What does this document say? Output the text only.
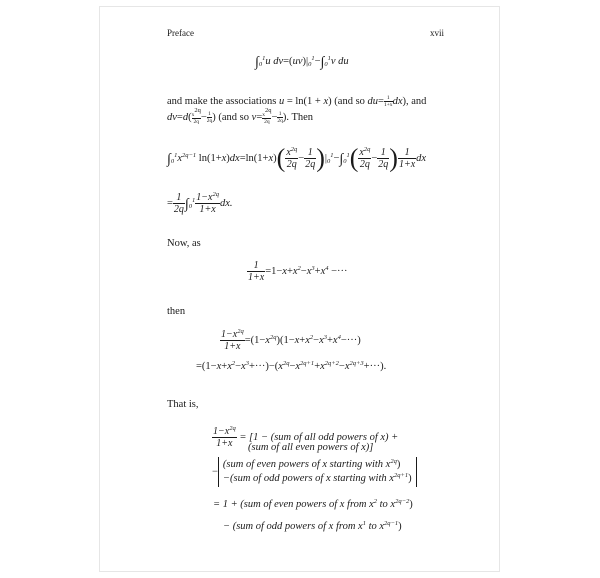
Preface	xvii
$\int_0^1u$ $dv=(uv)|_0^1-\int_0^1v$ du
and make the associations u = ln(1 + x) (and so $du= \frac{1}{1+x} dx$), and
$dv=d( \frac{x^{2q}}{2q} - \frac{1}{2q}$ ) (and so $v= \frac{x^{2q}}{2q} - \frac{1}{2q}$ ). Then
$\int_0^1x^{2q-1}$ $\ln(1+x)dx=\ln(1+x)( \frac{x^{2q}}{2q} - \frac{1}{2q} )|_0^1-\int_0^1( \frac{x^{2q}}{2q} - \frac{1}{2q}$ ) $\frac{1}{1+x}$ dx
= $\frac{1}{2q} \int_0^1 \frac{1-x^{2q}}{1+x}$ dx.
Now, as
$\frac{1}{1+x} =1-x+x^2-x^3+x^4$ −···
then
$\frac{1-x^{2q}}{1+x} =(1-x^{2q})(1-x+x^2-x^3+x^4-\cdot\cdot\cdot)$
$=(1-x+x^2-x^3+\cdot\cdot\cdot)-(x^{2q}-x^{2q+1}+x^{2q+2}-x^{2q+3}+\cdot\cdot\cdot)$.
That is,
$\frac{1-x^{2q}}{1+x} = [1 - (sum$ of all odd powers of x) +
(sum of all even powers of x)]
−
(sum of even powers of x starting with $x^{2q}$)
−(sum of odd powers of x starting with $x^{2q+1}$)
= 1 + (sum of even powers of x from $x^2$ to $x^{2q-2}$)
− (sum of odd powers of x from $x^1$ to $x^{2q-1}$)
